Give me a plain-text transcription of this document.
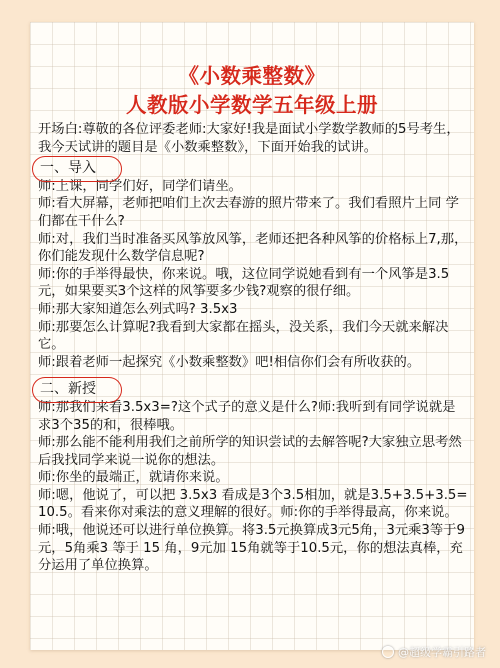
《小数乘整数》
人教版小学数学五年级上册

开场白:尊敬的各位评委老师:大家好!我是面试小学数学教师的5号考生，我今天试讲的题目是《小数乘整数》，下面开始我的试讲。

一、导入

师:上课，同学们好，同学们请坐。

师:看大屏幕，老师把咱们上次去春游的照片带来了。我们看照片上同 学们都在干什么?

师:对，我们当时准备买风筝放风筝，老师还把各种风筝的价格标上7,那，你们能发现什么数学信息呢?

师:你的手举得最快，你来说。哦，这位同学说她看到有一个风筝是3.5元，如果要买3个这样的风筝要多少钱?观察的很仔细。

师:那大家知道怎么列式吗? 3.5x3

师:那要怎么计算呢?我看到大家都在摇头，没关系，我们今天就来解决它。

师:跟着老师一起探究《小数乘整数》吧!相信你们会有所收获的。

二、新授

师:那我们来看3.5x3=?这个式子的意义是什么?师:我听到有同学说就是求3个35的和，很棒哦。

师:那么能不能利用我们之前所学的知识尝试的去解答呢?大家独立思考然后我找同学来说一说你的想法。

师:你坐的最端正，就请你来说。

师:嗯，他说了，可以把 3.5x3 看成是3个3.5相加，就是3.5+3.5+3.5=10.5。看来你对乘法的意义理解的很好。师:你的手举得最高，你来说。

师:哦，他说还可以进行单位换算。将3.5元换算成3元5角，3元乘3等于9元，5角乘3 等于 15 角，9元加 15角就等于10.5元，你的想法真棒，充分运用了单位换算。

@超级学霸引路者
